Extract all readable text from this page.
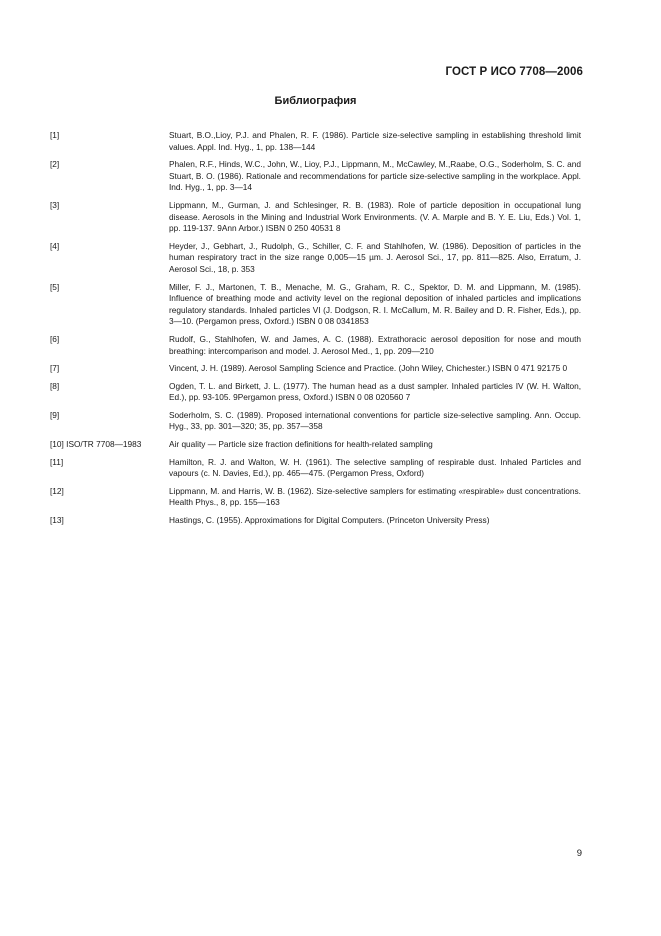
ГОСТ Р ИСО 7708—2006
Библиография
[1]	Stuart, B.O.,Lioy, P.J. and Phalen, R. F. (1986). Particle size-selective sampling in establishing threshold limit values. Appl. Ind. Hyg., 1, pp. 138—144
[2]	Phalen, R.F., Hinds, W.C., John, W., Lioy, P.J., Lippmann, M., McCawley, M.,Raabe, O.G., Soderholm, S. C. and Stuart, B. O. (1986). Rationale and recommendations for particle size-selective sampling in the workplace. Appl. Ind. Hyg., 1, pp. 3—14
[3]	Lippmann, M., Gurman, J. and Schlesinger, R. B. (1983). Role of particle deposition in occupational lung disease. Aerosols in the Mining and Industrial Work Environments. (V. A. Marple and B. Y. E. Liu, Eds.) Vol. 1, pp. 119-137. 9Ann Arbor.) ISBN 0 250 40531 8
[4]	Heyder, J., Gebhart, J., Rudolph, G., Schiller, C. F. and Stahlhofen, W. (1986). Deposition of particles in the human respiratory tract in the size range 0,005—15 µm. J. Aerosol Sci., 17, pp. 811—825. Also, Erratum, J. Aerosol Sci., 18, p. 353
[5]	Miller, F. J., Martonen, T. B., Menache, M. G., Graham, R. C., Spektor, D. M. and Lippmann, M. (1985). Influence of breathing mode and activity level on the regional deposition of inhaled particles and implications regulatory standards. Inhaled particles VI (J. Dodgson, R. I. McCallum, M. R. Bailey and D. R. Fisher, Eds.), pp. 3—10. (Pergamon press, Oxford.) ISBN 0 08 0341853
[6]	Rudolf, G., Stahlhofen, W. and James, A. C. (1988). Extrathoracic aerosol deposition for nose and mouth breathing: intercomparison and model. J. Aerosol Med., 1, pp. 209—210
[7]	Vincent, J. H. (1989). Aerosol Sampling Science and Practice. (John Wiley, Chichester.) ISBN 0 471 92175 0
[8]	Ogden, T. L. and Birkett, J. L. (1977). The human head as a dust sampler. Inhaled particles IV (W. H. Walton, Ed.), pp. 93-105. 9Pergamon press, Oxford.) ISBN 0 08 020560 7
[9]	Soderholm, S. C. (1989). Proposed international conventions for particle size-selective sampling. Ann. Occup. Hyg., 33, pp. 301—320; 35, pp. 357—358
[10] ISO/TR 7708—1983	Air quality — Particle size fraction definitions for health-related sampling
[11]	Hamilton, R. J. and Walton, W. H. (1961). The selective sampling of respirable dust. Inhaled Particles and vapours (c. N. Davies, Ed.), pp. 465—475. (Pergamon Press, Oxford)
[12]	Lippmann, M. and Harris, W. B. (1962). Size-selective samplers for estimating «respirable» dust concentrations. Health Phys., 8, pp. 155—163
[13]	Hastings, C. (1955). Approximations for Digital Computers. (Princeton University Press)
9
